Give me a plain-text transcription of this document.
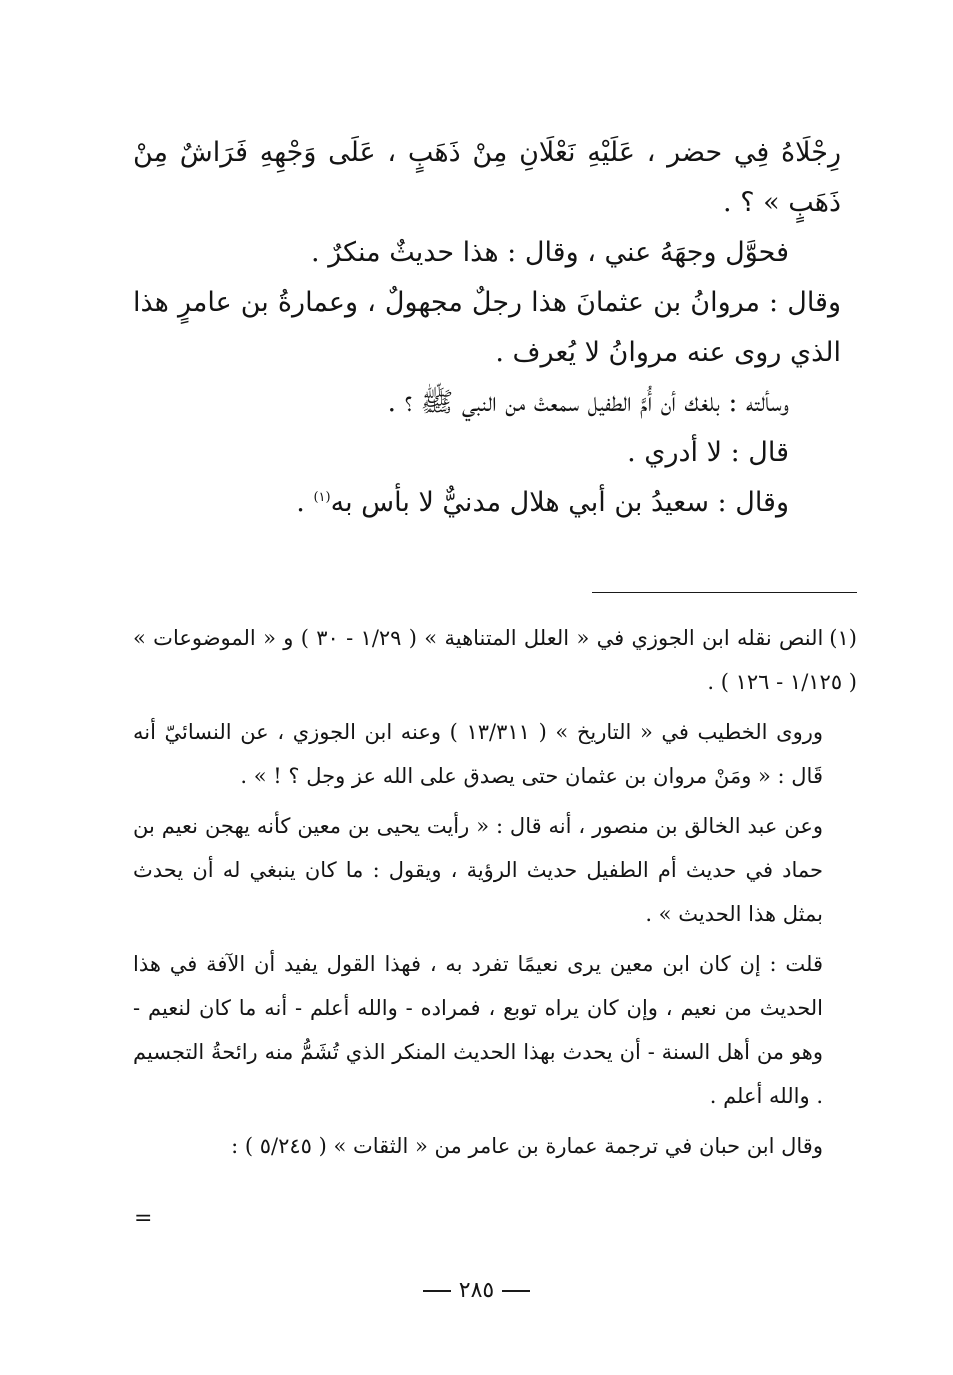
رِجْلَاهُ فِي حضر ، عَلَيْهِ نَعْلَانِ مِنْ ذَهَبٍ ، عَلَى وَجْهِهِ فَرَاشٌ مِنْ ذَهَبٍ » ؟ .

فحوَّل وجهَهُ عني ، وقال : هذا حديثٌ منكرٌ .

وقال : مروانُ بن عثمانَ هذا رجلٌ مجهولٌ ، وعمارةُ بن عامرٍ هذا الذي روى عنه مروانُ لا يُعرف .

وسألته : بلغك أن أُمَّ الطفيل سمعتْ من النبي ﷺ ؟ .

قال : لا أدري .

وقال : سعيدُ بن أبي هلال مدنيٌّ لا بأس به$^{(١)}$ .

(١)النص نقله ابن الجوزي في « العلل المتناهية » ( ١/٢٩ - ٣٠ ) و « الموضوعات » ( ١/١٢٥ - ١٢٦ ) .

وروى الخطيب في « التاريخ » ( ١٣/٣١١ ) وعنه ابن الجوزي ، عن النسائيّ أنه قَال : « ومَنْ مروان بن عثمان حتى يصدق على الله عز وجل ؟ ! » .

وعن عبد الخالق بن منصور ، أنه قال : « رأيت يحيى بن معين كأنه يهجن نعيم بن حماد في حديث أم الطفيل حديث الرؤية ، ويقول : ما كان ينبغي له أن يحدث بمثل هذا الحديث » .

قلت : إن كان ابن معين يرى نعيمًا تفرد به ، فهذا القول يفيد أن الآفة في هذا الحديث من نعيم ، وإن كان يراه توبع ، فمراده - والله أعلم - أنه ما كان لنعيم - وهو من أهل السنة - أن يحدث بهذا الحديث المنكر الذي تُشَمُّ منه رائحةُ التجسيم . والله أعلم .

وقال ابن حبان في ترجمة عمارة بن عامر من « الثقات » ( ٥/٢٤٥ ) :

=
٢٨٥
